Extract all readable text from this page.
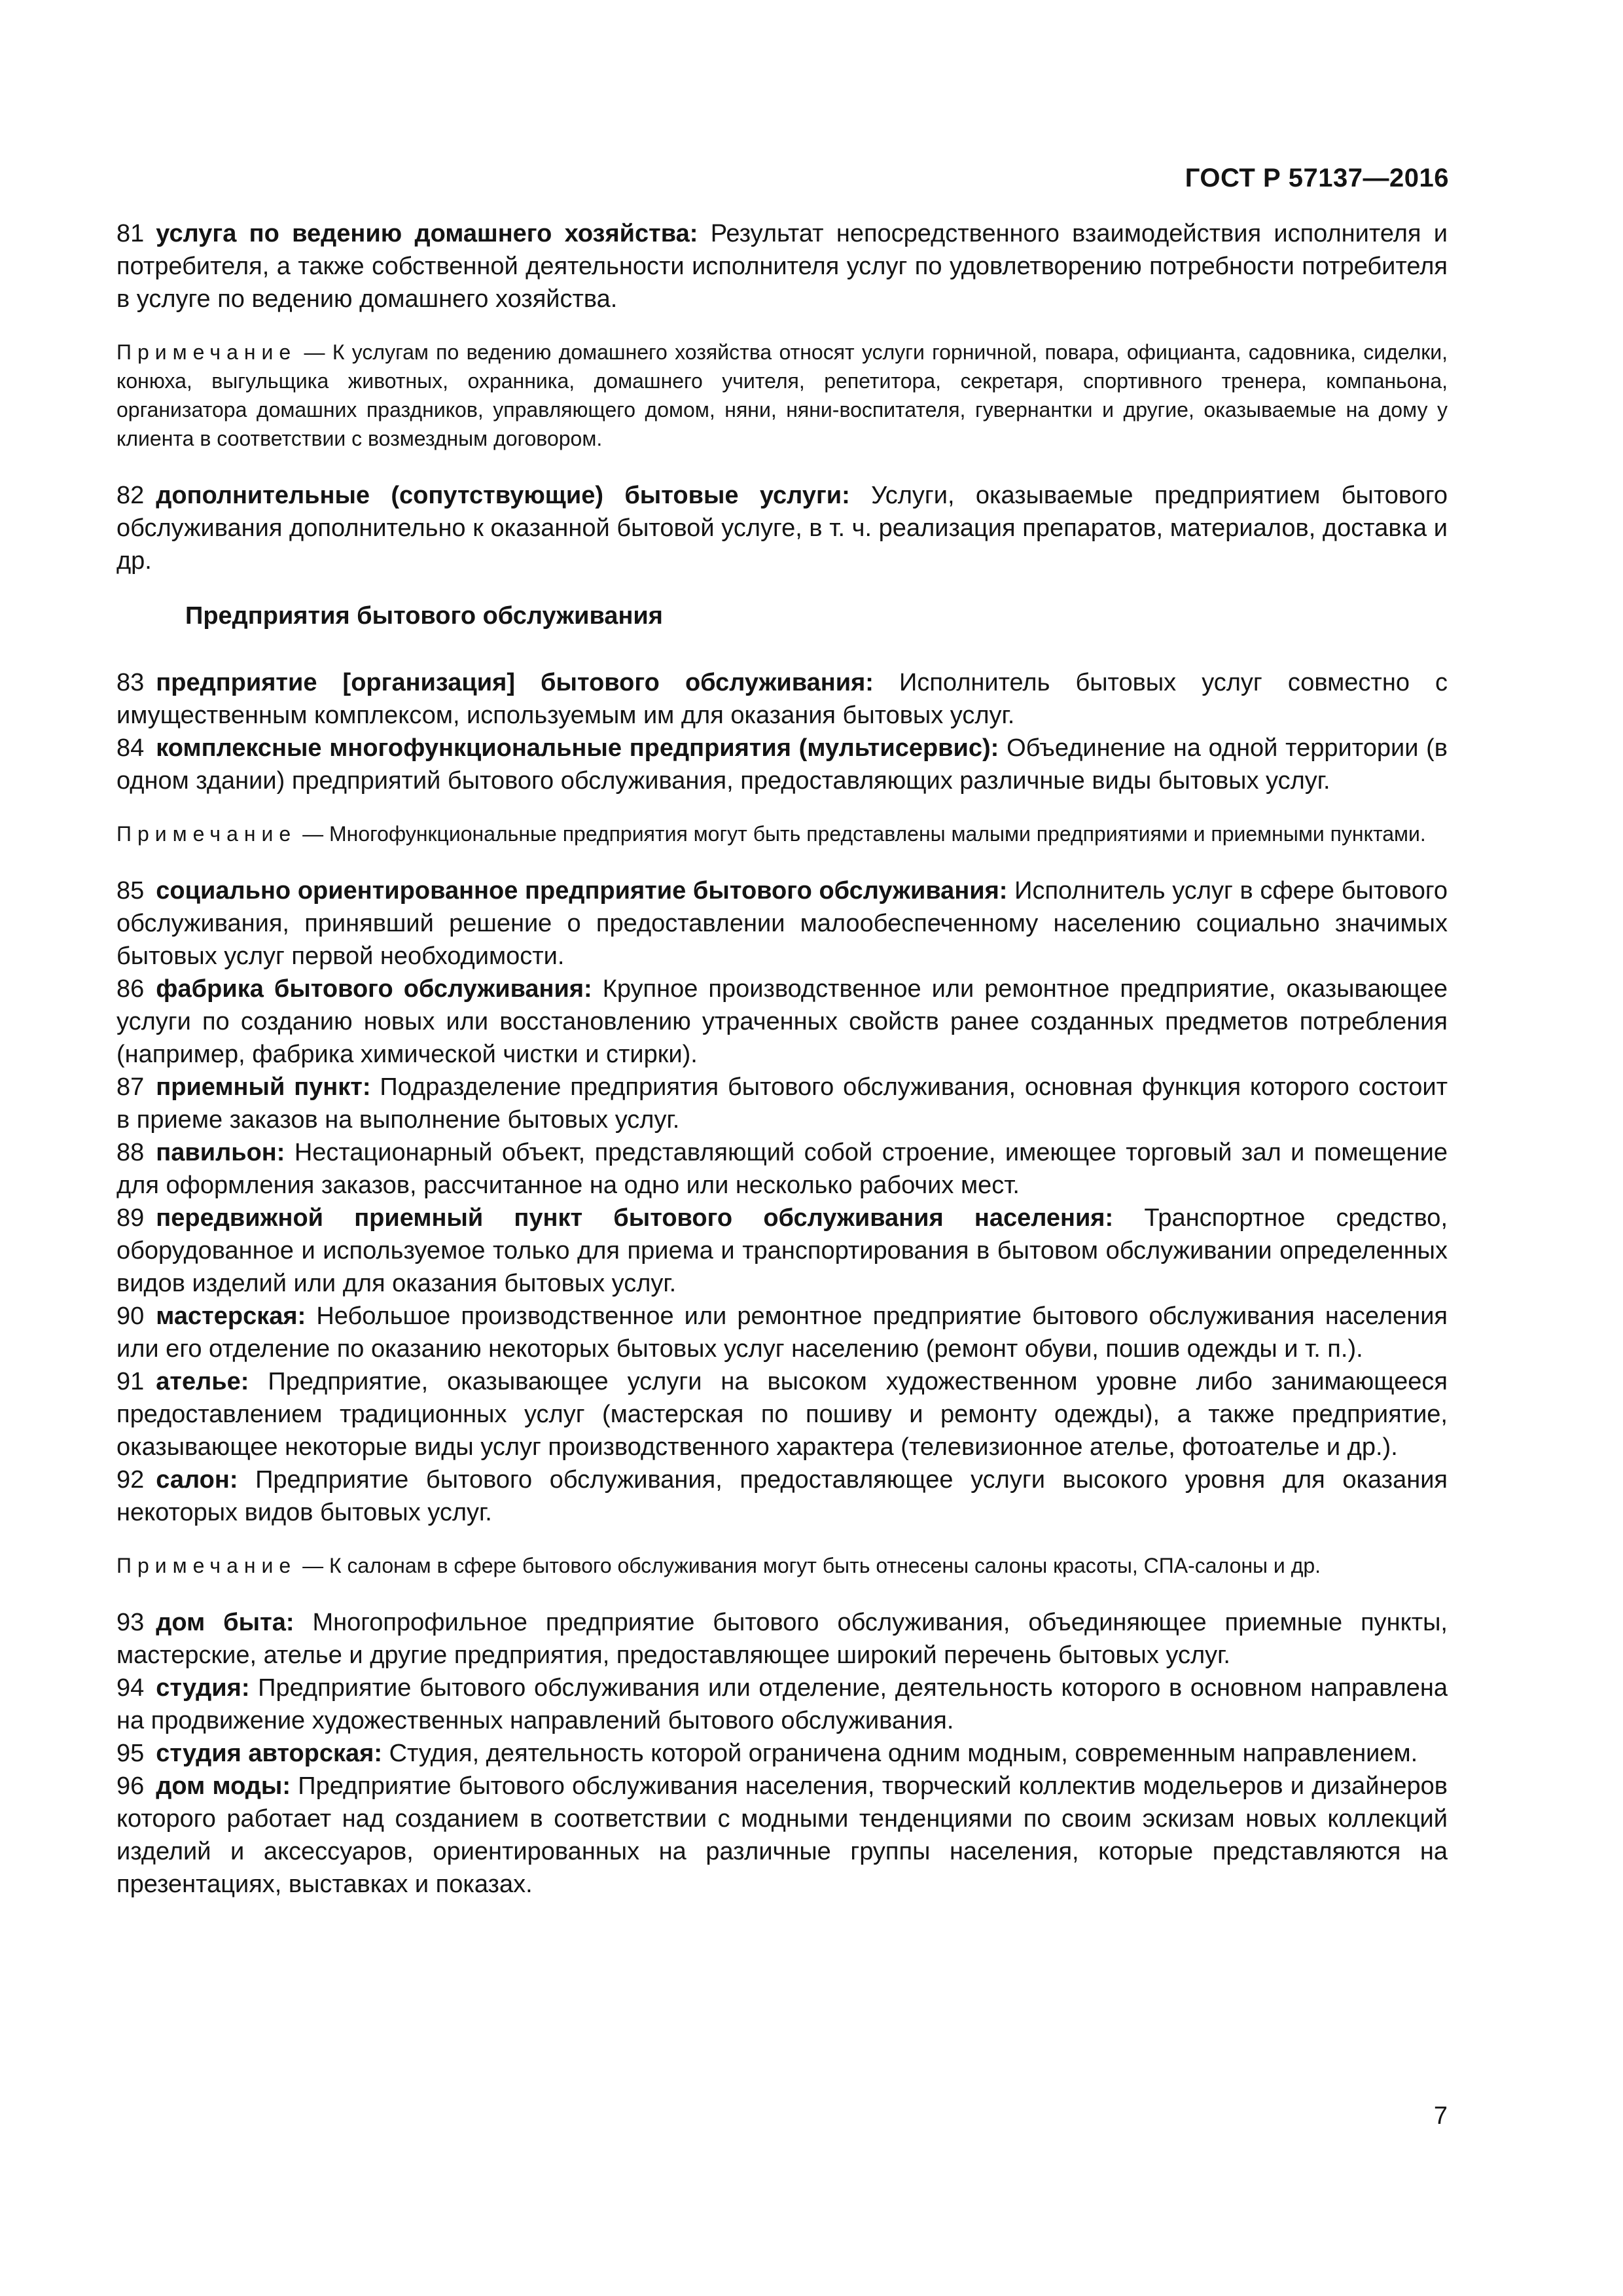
ГОСТ Р 57137—2016

81 услуга по ведению домашнего хозяйства: Результат непосредственного взаимодействия исполнителя и потребителя, а также собственной деятельности исполнителя услуг по удовлетворению потребности потребителя в услуге по ведению домашнего хозяйства.

Примечание — К услугам по ведению домашнего хозяйства относят услуги горничной, повара, официанта, садовника, сиделки, конюха, выгульщика животных, охранника, домашнего учителя, репетитора, секретаря, спортивного тренера, компаньона, организатора домашних праздников, управляющего домом, няни, няни-воспитателя, гувернантки и другие, оказываемые на дому у клиента в соответствии с возмездным договором.

82 дополнительные (сопутствующие) бытовые услуги: Услуги, оказываемые предприятием бытового обслуживания дополнительно к оказанной бытовой услуге, в т. ч. реализация препаратов, материалов, доставка и др.

Предприятия бытового обслуживания

83 предприятие [организация] бытового обслуживания: Исполнитель бытовых услуг совместно с имущественным комплексом, используемым им для оказания бытовых услуг.

84 комплексные многофункциональные предприятия (мультисервис): Объединение на одной территории (в одном здании) предприятий бытового обслуживания, предоставляющих различные виды бытовых услуг.

Примечание — Многофункциональные предприятия могут быть представлены малыми предприятиями и приемными пунктами.

85 социально ориентированное предприятие бытового обслуживания: Исполнитель услуг в сфере бытового обслуживания, принявший решение о предоставлении малообеспеченному населению социально значимых бытовых услуг первой необходимости.

86 фабрика бытового обслуживания: Крупное производственное или ремонтное предприятие, оказывающее услуги по созданию новых или восстановлению утраченных свойств ранее созданных предметов потребления (например, фабрика химической чистки и стирки).

87 приемный пункт: Подразделение предприятия бытового обслуживания, основная функция которого состоит в приеме заказов на выполнение бытовых услуг.

88 павильон: Нестационарный объект, представляющий собой строение, имеющее торговый зал и помещение для оформления заказов, рассчитанное на одно или несколько рабочих мест.

89 передвижной приемный пункт бытового обслуживания населения: Транспортное средство, оборудованное и используемое только для приема и транспортирования в бытовом обслуживании определенных видов изделий или для оказания бытовых услуг.

90 мастерская: Небольшое производственное или ремонтное предприятие бытового обслуживания населения или его отделение по оказанию некоторых бытовых услуг населению (ремонт обуви, пошив одежды и т. п.).

91 ателье: Предприятие, оказывающее услуги на высоком художественном уровне либо занимающееся предоставлением традиционных услуг (мастерская по пошиву и ремонту одежды), а также предприятие, оказывающее некоторые виды услуг производственного характера (телевизионное ателье, фотоателье и др.).

92 салон: Предприятие бытового обслуживания, предоставляющее услуги высокого уровня для оказания некоторых видов бытовых услуг.

Примечание — К салонам в сфере бытового обслуживания могут быть отнесены салоны красоты, СПА-салоны и др.

93 дом быта: Многопрофильное предприятие бытового обслуживания, объединяющее приемные пункты, мастерские, ателье и другие предприятия, предоставляющее широкий перечень бытовых услуг.

94 студия: Предприятие бытового обслуживания или отделение, деятельность которого в основном направлена на продвижение художественных направлений бытового обслуживания.

95 студия авторская: Студия, деятельность которой ограничена одним модным, современным направлением.

96 дом моды: Предприятие бытового обслуживания населения, творческий коллектив модельеров и дизайнеров которого работает над созданием в соответствии с модными тенденциями по своим эскизам новых коллекций изделий и аксессуаров, ориентированных на различные группы населения, которые представляются на презентациях, выставках и показах.

7
